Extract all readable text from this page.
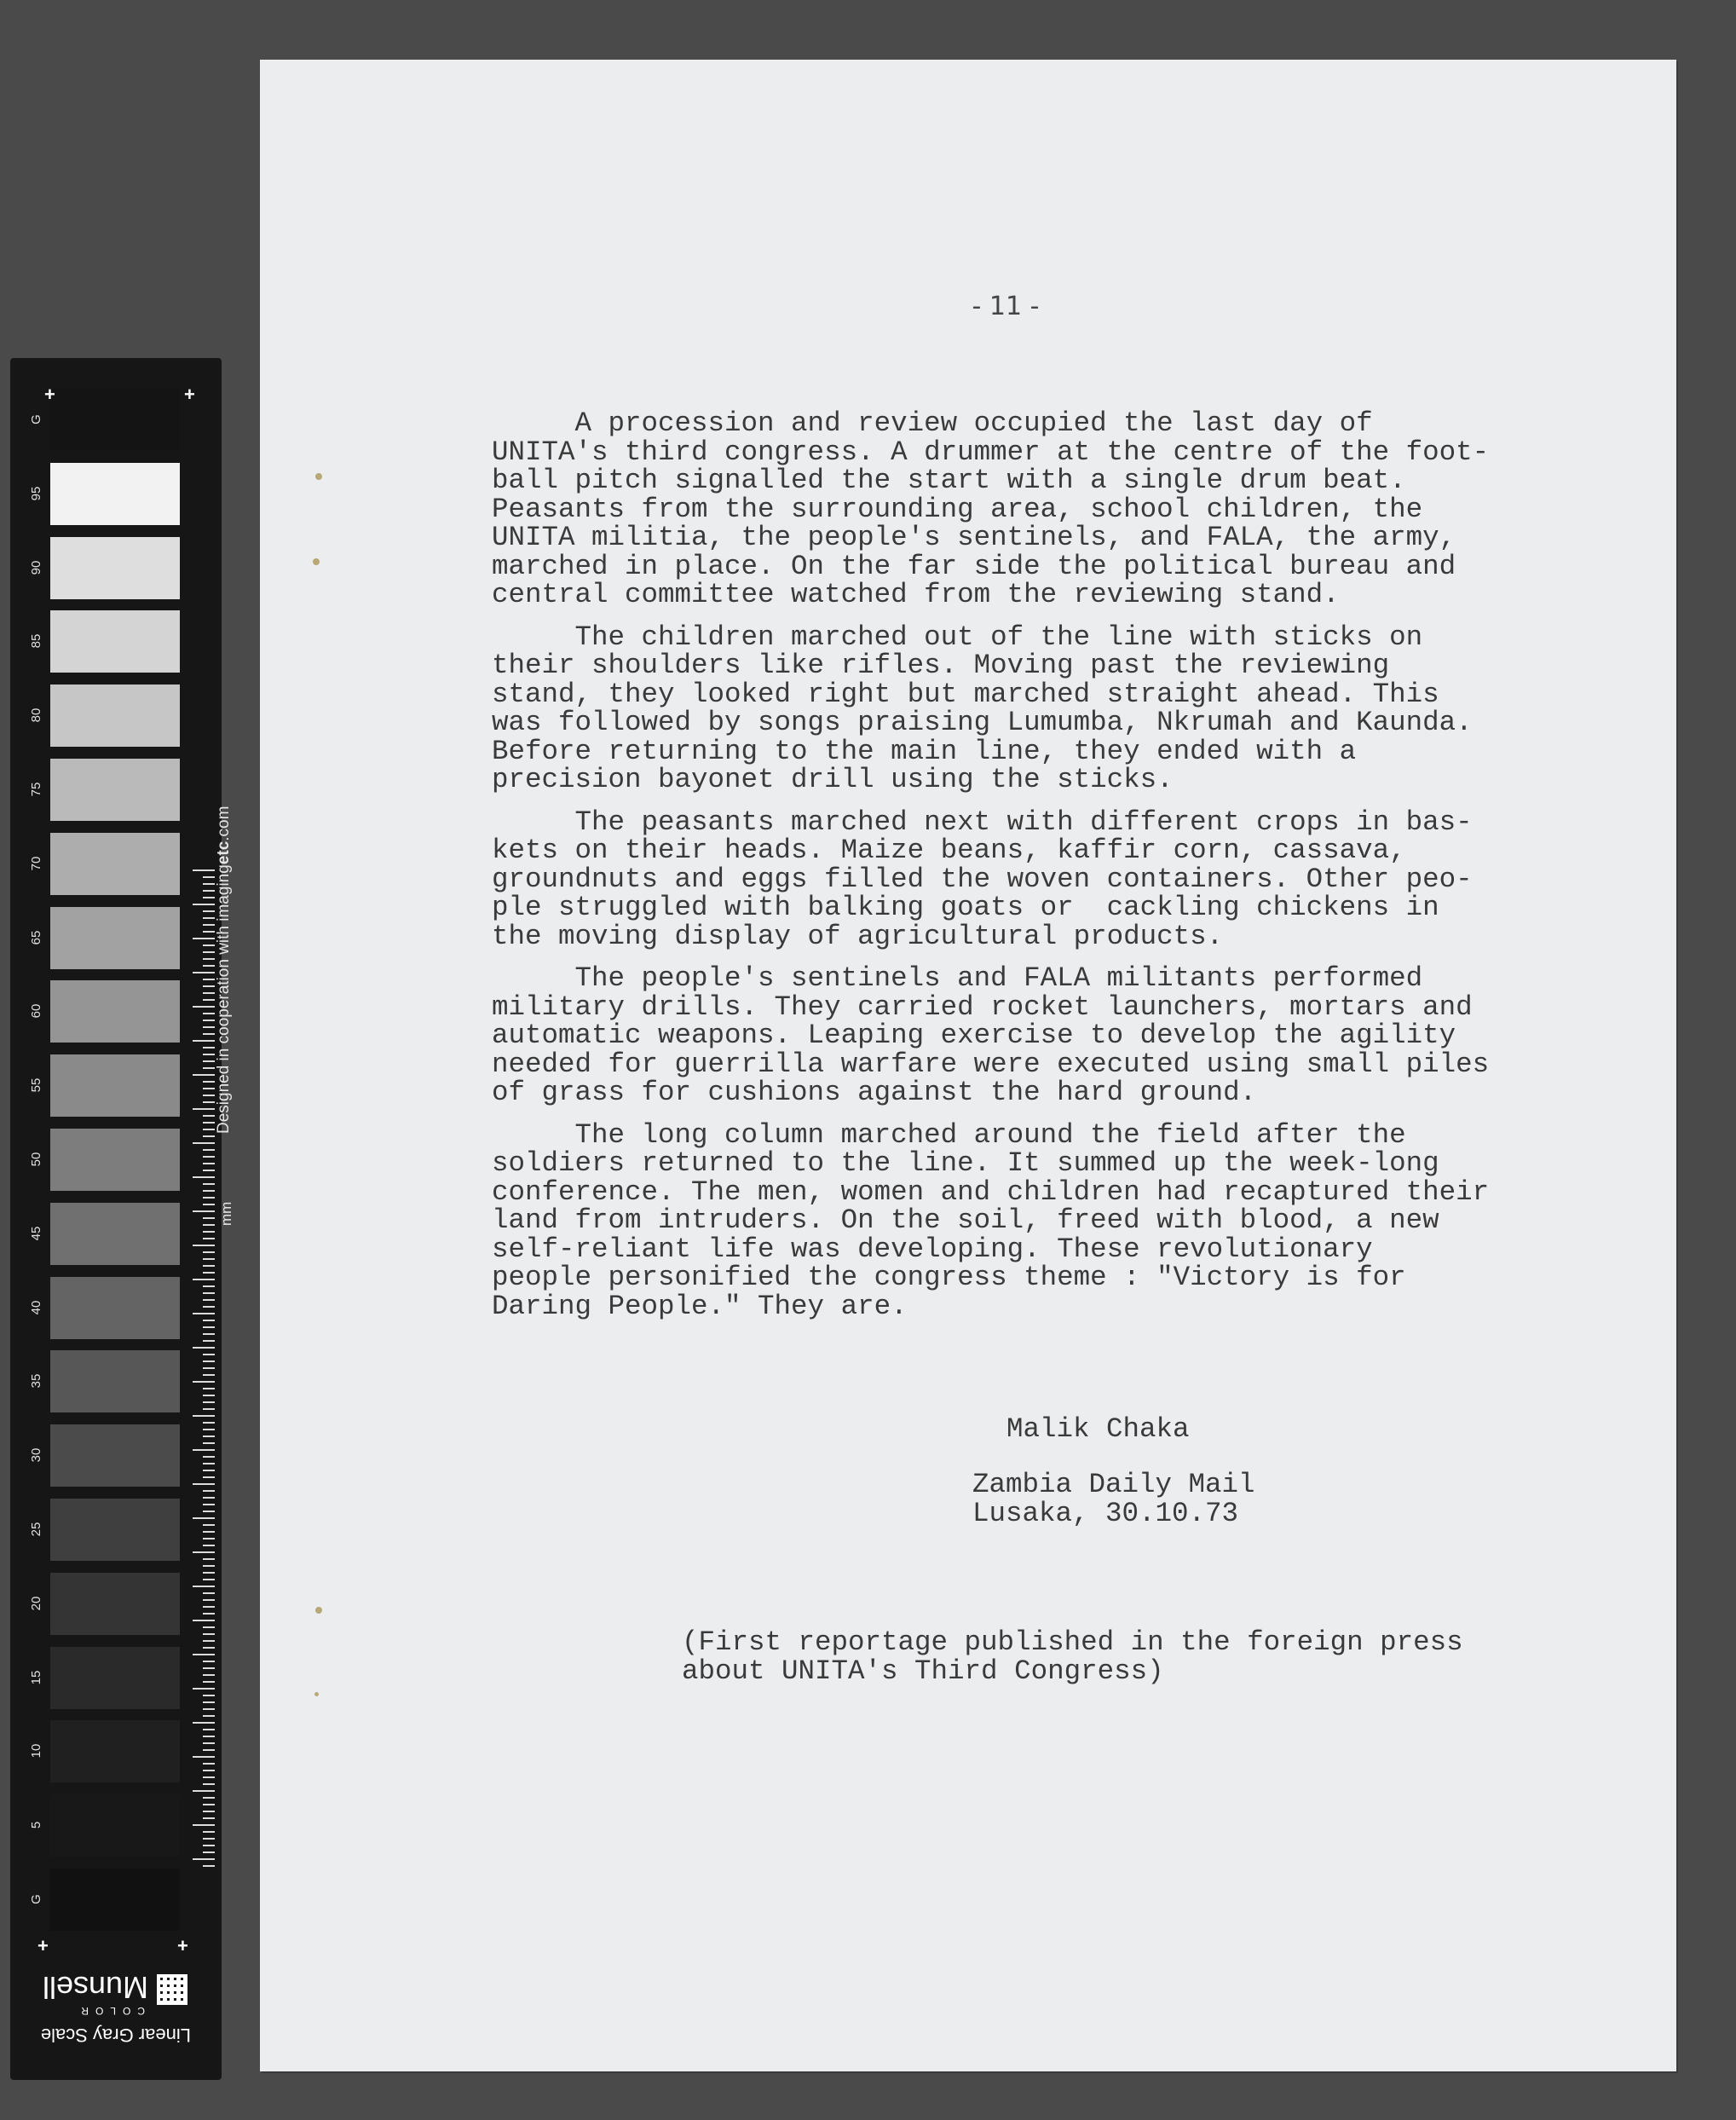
G
95
90
85
80
75
70
65
60
55
50
45
40
35
30
25
20
15
10
5
G
+	+
+	+
Designed in cooperation with imagingetc.com
mm
Linear Gray Scale
COLOR
Munsell
- 11 -

A procession and review occupied the last day of
UNITA's third congress. A drummer at the centre of the foot-
ball pitch signalled the start with a single drum beat.
Peasants from the surrounding area, school children, the
UNITA militia, the people's sentinels, and FALA, the army,
marched in place. On the far side the political bureau and
central committee watched from the reviewing stand.

The children marched out of the line with sticks on
their shoulders like rifles. Moving past the reviewing
stand, they looked right but marched straight ahead. This
was followed by songs praising Lumumba, Nkrumah and Kaunda.
Before returning to the main line, they ended with a
precision bayonet drill using the sticks.

The peasants marched next with different crops in bas-
kets on their heads. Maize beans, kaffir corn, cassava,
groundnuts and eggs filled the woven containers. Other peo-
ple struggled with balking goats or  cackling chickens in
the moving display of agricultural products.

The people's sentinels and FALA militants performed
military drills. They carried rocket launchers, mortars and
automatic weapons. Leaping exercise to develop the agility
needed for guerrilla warfare were executed using small piles
of grass for cushions against the hard ground.

The long column marched around the field after the
soldiers returned to the line. It summed up the week-long
conference. The men, women and children had recaptured their
land from intruders. On the soil, freed with blood, a new
self-reliant life was developing. These revolutionary
people personified the congress theme : "Victory is for
Daring People." They are.

Malik Chaka
Zambia Daily Mail
Lusaka, 30.10.73
(First reportage published in the foreign press
about UNITA's Third Congress)
